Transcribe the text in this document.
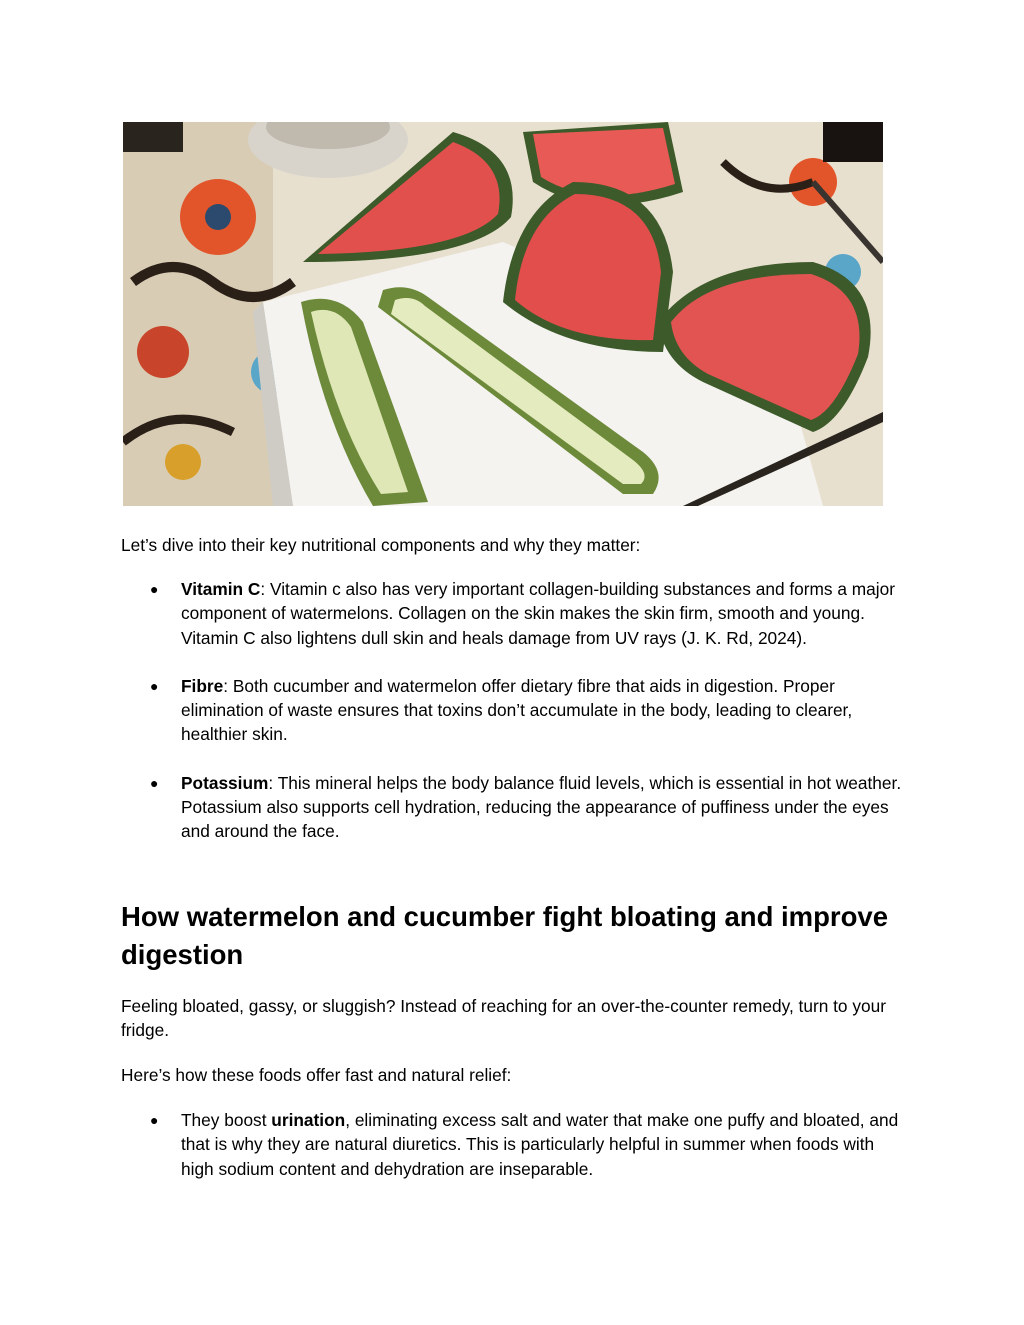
Let’s dive into their key nutritional components and why they matter:

● Vitamin C: Vitamin c also has very important collagen-building substances and forms a major component of watermelons. Collagen on the skin makes the skin firm, smooth and young. Vitamin C also lightens dull skin and heals damage from UV rays (J. K. Rd, 2024).
● Fibre: Both cucumber and watermelon offer dietary fibre that aids in digestion. Proper elimination of waste ensures that toxins don’t accumulate in the body, leading to clearer, healthier skin.
● Potassium: This mineral helps the body balance fluid levels, which is essential in hot weather. Potassium also supports cell hydration, reducing the appearance of puffiness under the eyes and around the face.
How watermelon and cucumber fight bloating and improve digestion

Feeling bloated, gassy, or sluggish? Instead of reaching for an over-the-counter remedy, turn to your fridge.

Here’s how these foods offer fast and natural relief:

● They boost urination, eliminating excess salt and water that make one puffy and bloated, and that is why they are natural diuretics. This is particularly helpful in summer when foods with high sodium content and dehydration are inseparable.
